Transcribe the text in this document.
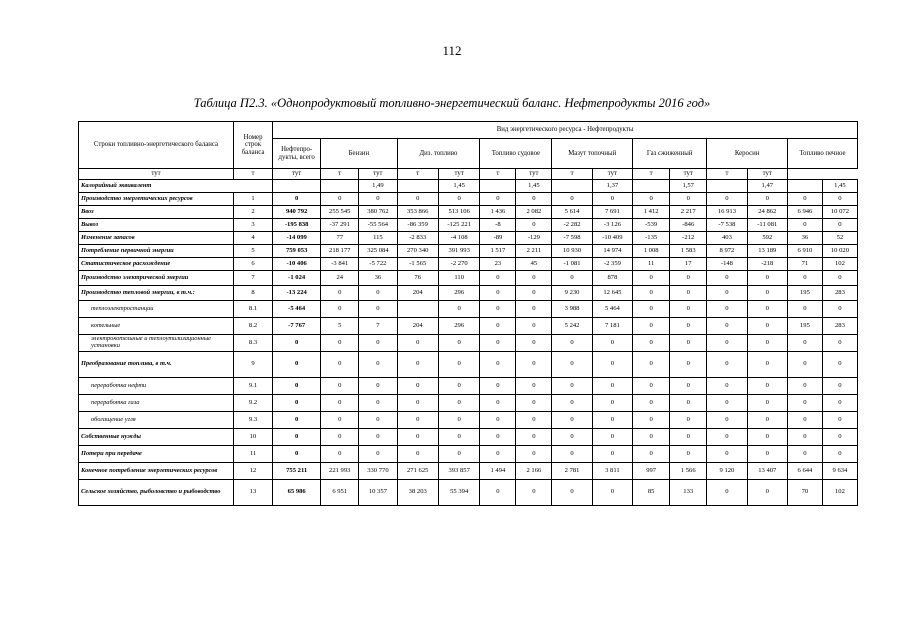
112
Таблица П2.3. «Однопродуктовый топливно-энергетический баланс. Нефтепродукты 2016 год»
Строки топливно-энергетического баланса	Номер строк баланса	Вид энергетического ресурса - Нефтепродукты														
		Нефтепро-дукты, всего	Бензин		Диз. топливо		Топливо судовое		Мазут топочный		Газ сжиженный		Керосин		Топливо печное	
тут	т	тут	т	тут	т	тут	т	тут	т	тут	т	тут	т	тут		
Калорийный эквивалент				1,49		1,45		1,45		1,37		1,57		1,47		1,45
Производство энергетических ресурсов	1	0	0	0	0	0	0	0	0	0	0	0	0	0	0	0
Ввоз	2	940 792	255 545	380 762	353 866	513 106	1 436	2 082	5 614	7 691	1 412	2 217	16 913	24 862	6 946	10 072
Вывоз	3	-195 838	-37 291	-55 564	-86 359	-125 221	-8	0	-2 282	-3 126	-539	-846	-7 538	-11 081	0	0
Изменение запасов	4	-14 099	77	115	-2 833	-4 108	-89	-129	-7 598	-10 409	-135	-212	403	592	36	52
Потребление первичной энергии	5	759 053	218 177	325 084	270 340	391 993	1 517	2 211	10 930	14 974	1 008	1 583	8 972	13 189	6 910	10 020
Статистическое расхождение	6	-10 406	-3 841	-5 722	-1 565	-2 270	23	45	-1 081	-2 359	11	17	-148	-218	71	102
Производство электрической энергии	7	-1 024	24	36	76	110	0	0	0	878	0	0	0	0	0	0
Производство тепловой энергии, в т.ч.:	8	-13 224	0	0	204	296	0	0	9 230	12 645	0	0	0	0	195	283
теплоэлектростанции	8.1	-5 464	0	0		0	0	0	3 988	5 464	0	0	0	0	0	0
котельные	8.2	-7 767	5	7	204	296	0	0	5 242	7 181	0	0	0	0	195	283
электрокотельные и теплоутилизационные установки	8.3	0	0	0	0	0	0	0	0	0	0	0	0	0	0	0
Преобразование топлива, в т.ч.	9	0	0	0	0	0	0	0	0	0	0	0	0	0	0	0
переработка нефти	9.1	0	0	0	0	0	0	0	0	0	0	0	0	0	0	0
переработка газа	9.2	0	0	0	0	0	0	0	0	0	0	0	0	0	0	0
обогащение угля	9.3	0	0	0	0	0	0	0	0	0	0	0	0	0	0	0
Собственные нужды	10	0	0	0	0	0	0	0	0	0	0	0	0	0	0	0
Потери при передаче	11	0	0	0	0	0	0	0	0	0	0	0	0	0	0	0
Конечное потребление энергетических ресурсов	12	755 211	221 993	330 770	271 625	393 857	1 494	2 166	2 781	3 811	997	1 566	9 120	13 407	6 644	9 634
Сельское хозяйство, рыболовство и рыбоводство	13	65 986	6 951	10 357	38 203	55 394	0	0	0	0	85	133	0	0	70	102
